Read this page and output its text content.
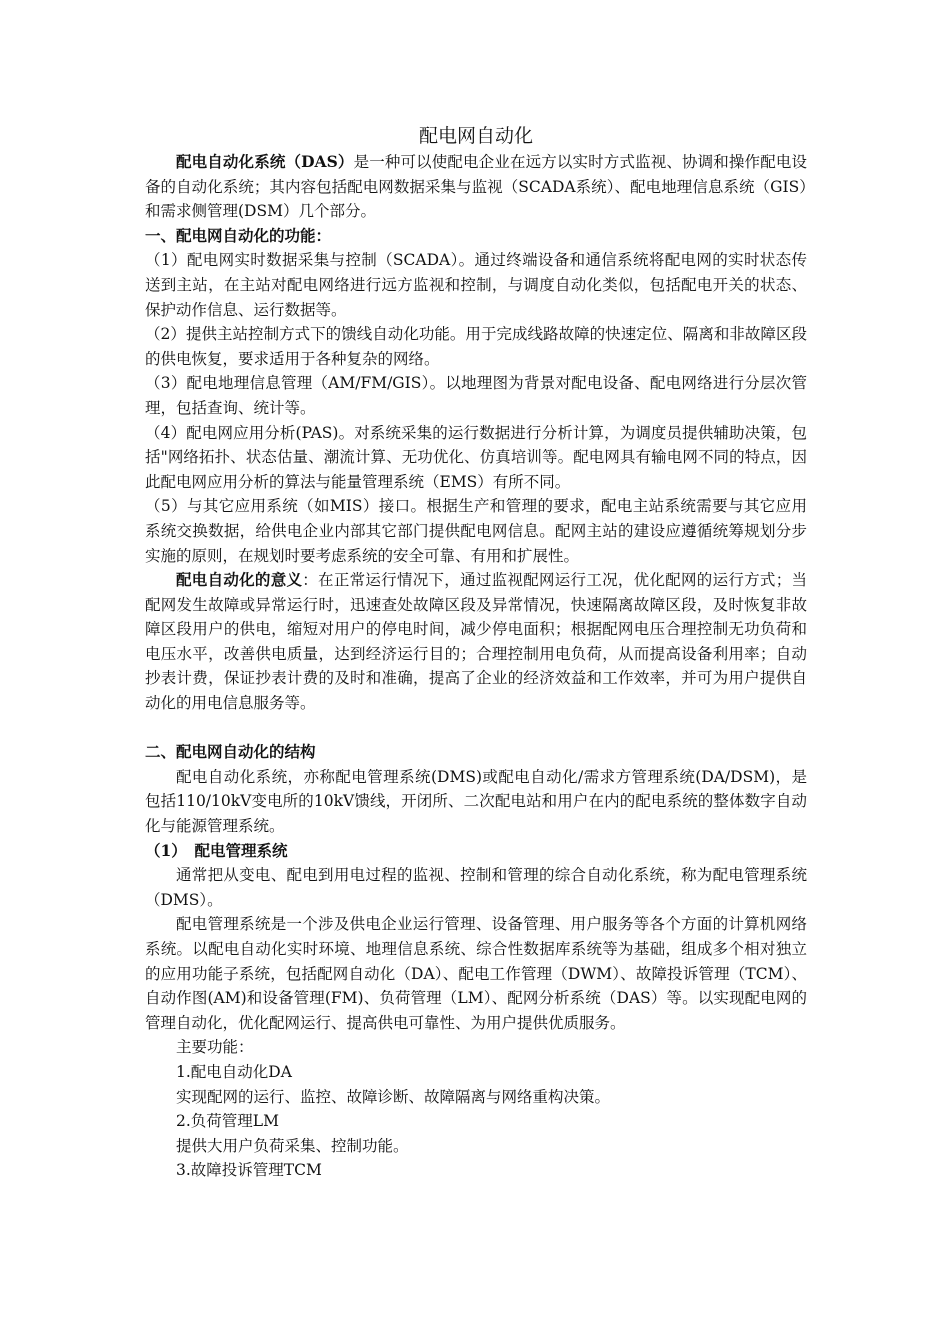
配电网自动化

配电自动化系统（DAS）是一种可以使配电企业在远方以实时方式监视、协调和操作配电设备的自动化系统；其内容包括配电网数据采集与监视（SCADA系统）、配电地理信息系统（GIS）和需求侧管理(DSM）几个部分。

一、配电网自动化的功能：

（1）配电网实时数据采集与控制（SCADA）。通过终端设备和通信系统将配电网的实时状态传送到主站，在主站对配电网络进行远方监视和控制，与调度自动化类似，包括配电开关的状态、保护动作信息、运行数据等。

（2）提供主站控制方式下的馈线自动化功能。用于完成线路故障的快速定位、隔离和非故障区段的供电恢复，要求适用于各种复杂的网络。

（3）配电地理信息管理（AM/FM/GIS）。以地理图为背景对配电设备、配电网络进行分层次管理，包括查询、统计等。

（4）配电网应用分析(PAS)。对系统采集的运行数据进行分析计算，为调度员提供辅助决策，包括"网络拓扑、状态估量、潮流计算、无功优化、仿真培训等。配电网具有输电网不同的特点，因此配电网应用分析的算法与能量管理系统（EMS）有所不同。

（5）与其它应用系统（如MIS）接口。根据生产和管理的要求，配电主站系统需要与其它应用系统交换数据，给供电企业内部其它部门提供配电网信息。配网主站的建设应遵循统筹规划分步实施的原则，在规划时要考虑系统的安全可靠、有用和扩展性。

配电自动化的意义：在正常运行情况下，通过监视配网运行工况，优化配网的运行方式；当配网发生故障或异常运行时，迅速查处故障区段及异常情况，快速隔离故障区段，及时恢复非故障区段用户的供电，缩短对用户的停电时间，减少停电面积；根据配网电压合理控制无功负荷和电压水平，改善供电质量，达到经济运行目的；合理控制用电负荷，从而提高设备利用率；自动抄表计费，保证抄表计费的及时和准确，提高了企业的经济效益和工作效率，并可为用户提供自动化的用电信息服务等。

二、配电网自动化的结构

配电自动化系统，亦称配电管理系统(DMS)或配电自动化/需求方管理系统(DA/DSM)，是包括110/10kV变电所的10kV馈线，开闭所、二次配电站和用户在内的配电系统的整体数字自动化与能源管理系统。

（1）　配电管理系统

通常把从变电、配电到用电过程的监视、控制和管理的综合自动化系统，称为配电管理系统（DMS）。

配电管理系统是一个涉及供电企业运行管理、设备管理、用户服务等各个方面的计算机网络系统。以配电自动化实时环境、地理信息系统、综合性数据库系统等为基础，组成多个相对独立的应用功能子系统，包括配网自动化（DA）、配电工作管理（DWM）、故障投诉管理（TCM）、自动作图(AM)和设备管理(FM)、负荷管理（LM）、配网分析系统（DAS）等。以实现配电网的管理自动化，优化配网运行、提高供电可靠性、为用户提供优质服务。

主要功能：

1.配电自动化DA

实现配网的运行、监控、故障诊断、故障隔离与网络重构决策。

2.负荷管理LM

提供大用户负荷采集、控制功能。

3.故障投诉管理TCM
